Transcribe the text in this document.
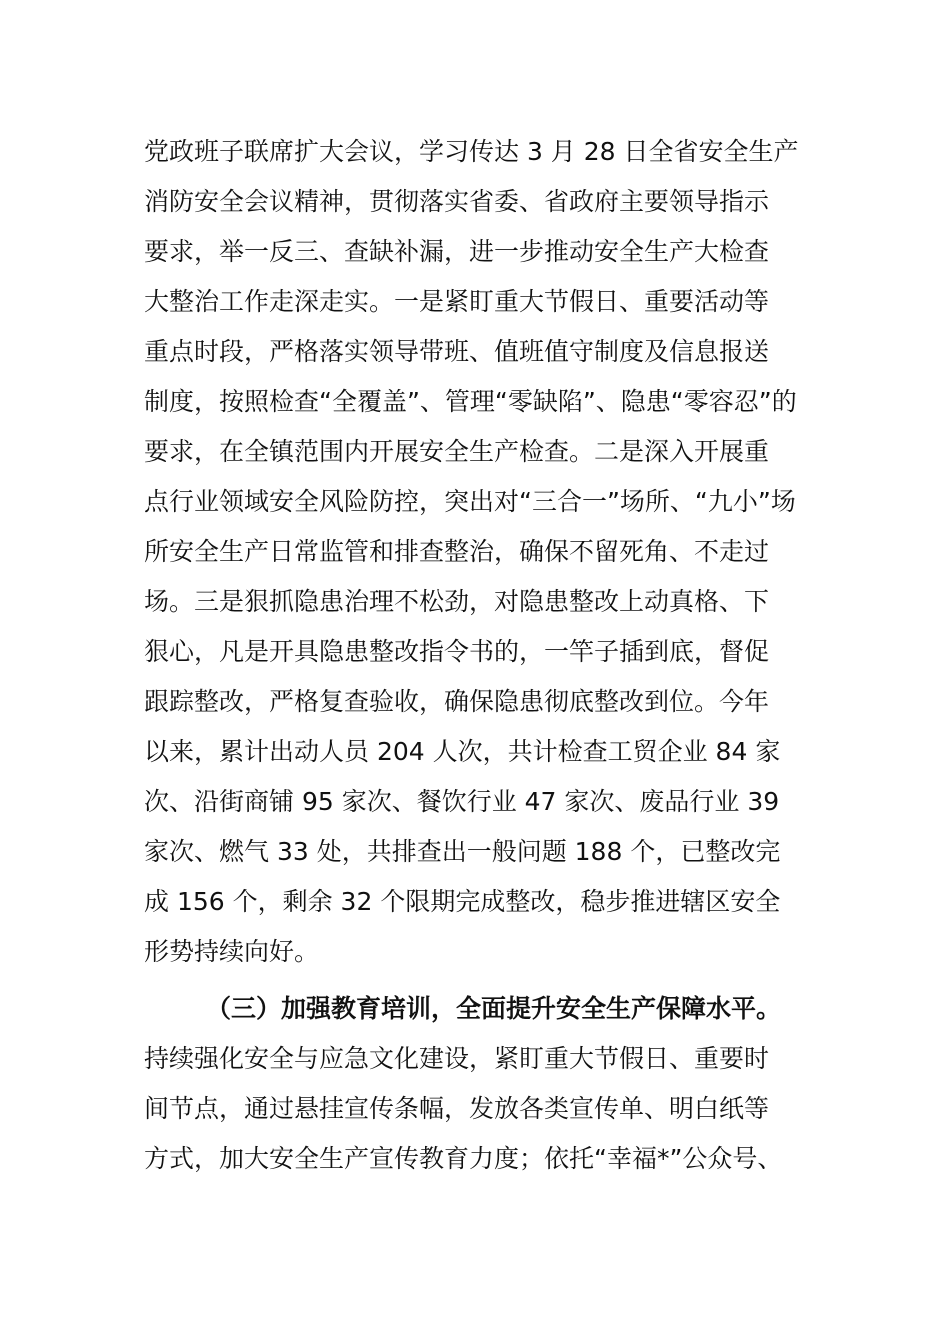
党政班子联席扩大会议，学习传达 3 月 28 日全省安全生产
消防安全会议精神，贯彻落实省委、省政府主要领导指示
要求，举一反三、查缺补漏，进一步推动安全生产大检查
大整治工作走深走实。一是紧盯重大节假日、重要活动等
重点时段，严格落实领导带班、值班值守制度及信息报送
制度，按照检查“全覆盖”、管理“零缺陷”、隐患“零容忍”的
要求，在全镇范围内开展安全生产检查。二是深入开展重
点行业领域安全风险防控，突出对“三合一”场所、“九小”场
所安全生产日常监管和排查整治，确保不留死角、不走过
场。三是狠抓隐患治理不松劲，对隐患整改上动真格、下
狠心，凡是开具隐患整改指令书的，一竿子插到底，督促
跟踪整改，严格复查验收，确保隐患彻底整改到位。今年
以来，累计出动人员 204 人次，共计检查工贸企业 84 家
次、沿街商铺 95 家次、餐饮行业 47 家次、废品行业 39
家次、燃气 33 处，共排查出一般问题 188 个，已整改完
成 156 个，剩余 32 个限期完成整改，稳步推进辖区安全
形势持续向好。
（三）加强教育培训，全面提升安全生产保障水平。
持续强化安全与应急文化建设，紧盯重大节假日、重要时
间节点，通过悬挂宣传条幅，发放各类宣传单、明白纸等
方式，加大安全生产宣传教育力度；依托“幸福*”公众号、
